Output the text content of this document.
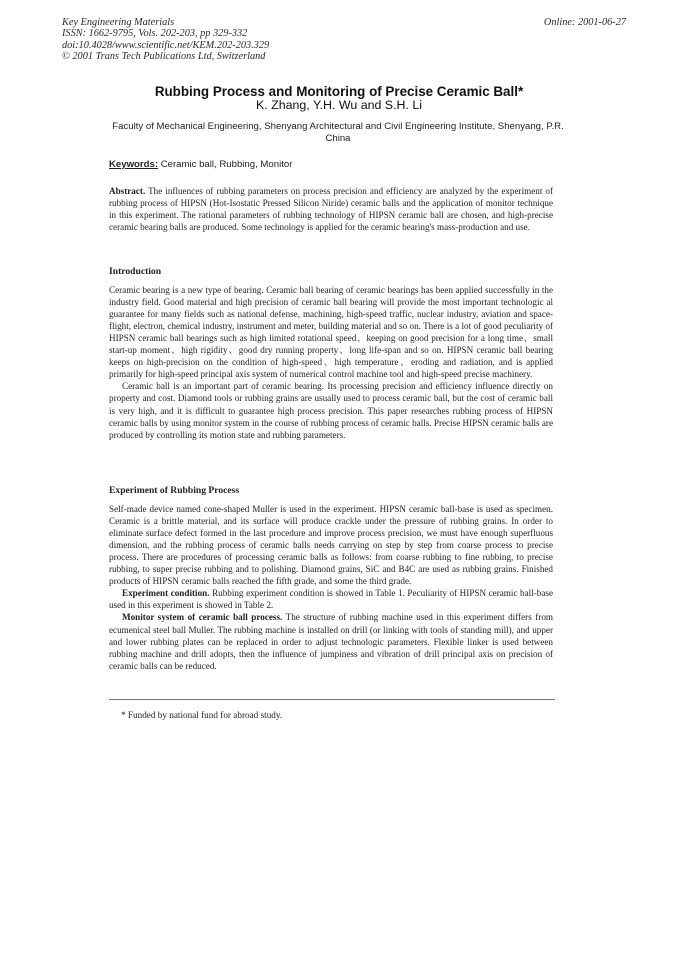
Key Engineering Materials
ISSN: 1662-9795, Vols. 202-203, pp 329-332
doi:10.4028/www.scientific.net/KEM.202-203.329
© 2001 Trans Tech Publications Ltd, Switzerland
Online: 2001-06-27
Rubbing Process and Monitoring of Precise Ceramic Ball*
K. Zhang, Y.H. Wu and S.H. Li
Faculty of Mechanical Engineering, Shenyang Architectural and Civil Engineering Institute, Shenyang, P.R. China
Keywords: Ceramic ball, Rubbing, Monitor

Abstract. The influences of rubbing parameters on process precision and efficiency are analyzed by the experiment of rubbing process of HIPSN (Hot-Isostatic Pressed Silicon Niride) ceramic balls and the application of monitor technique in this experiment. The rational parameters of rubbing technology of HIPSN ceramic ball are chosen, and high-precise ceramic bearing balls are produced. Some technology is applied for the ceramic bearing's mass-production and use.

Introduction

Ceramic bearing is a new type of bearing. Ceramic ball bearing of ceramic bearings has been applied successfully in the industry field. Good material and high precision of ceramic ball bearing will provide the most important technologic al guarantee for many fields such as national defense, machining, high-speed traffic, nuclear industry, aviation and space-flight, electron, chemical industry, instrument and meter, building material and so on. There is a lot of good peculiarity of HIPSN ceramic ball bearings such as high limited rotational speed、keeping on good precision for a long time、small start-up moment、high rigidity、good dry running property、long life-span and so on. HIPSN ceramic ball bearing keeps on high-precision on the condition of high-speed、high temperature、eroding and radiation, and is applied primarily for high-speed principal axis system of numerical control machine tool and high-speed precise machinery.

Ceramic ball is an important part of ceramic bearing. Its processing precision and efficiency influence directly on property and cost. Diamond tools or rubbing grains are usually used to process ceramic ball, but the cost of ceramic ball is very high, and it is difficult to guarantee high process precision. This paper researches rubbing process of HIPSN ceramic balls by using monitor system in the course of rubbing process of ceramic balls. Precise HIPSN ceramic balls are produced by controlling its motion state and rubbing parameters.

Experiment of Rubbing Process

Self-made device named cone-shaped Muller is used in the experiment. HIPSN ceramic ball-base is used as specimen. Ceramic is a brittle material, and its surface will produce crackle under the pressure of rubbing grains. In order to eliminate surface defect formed in the last procedure and improve process precision, we must have enough superfluous dimension, and the rubbing process of ceramic balls needs carrying on step by step from coarse process to precise process. There are procedures of processing ceramic balls as follows: from coarse rubbing to fine rubbing, to precise rubbing, to super precise rubbing and to polishing. Diamond grains, SiC and B4C are used as rubbing grains. Finished products of HIPSN ceramic balls reached the fifth grade, and some the third grade.

Experiment condition. Rubbing experiment condition is showed in Table 1. Peculiarity of HIPSN ceramic ball-base used in this experiment is showed in Table 2.

Monitor system of ceramic ball process. The structure of rubbing machine used in this experiment differs from ecumenical steel ball Muller. The rubbing machine is installed on drill (or linking with tools of standing mill), and upper and lower rubbing plates can be replaced in order to adjust technologic parameters. Flexible linker is used between rubbing machine and drill adopts, then the influence of jumpiness and vibration of drill principal axis on precision of ceramic balls can be reduced.

* Funded by national fund for abroad study.
